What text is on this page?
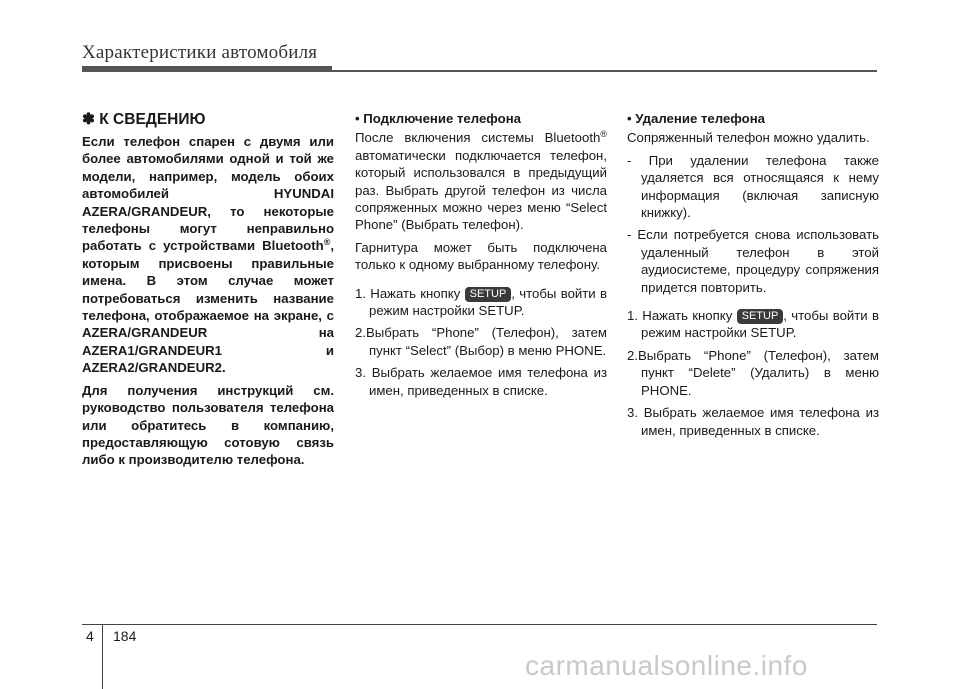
Характеристики автомобиля
✽ К СВЕДЕНИЮ

Если телефон спарен с двумя или более автомобилями одной и той же модели, например, модель обоих автомобилей HYUNDAI AZERA/GRANDEUR, то некоторые телефоны могут неправильно работать с устройствами Bluetooth®, которым присвоены правильные имена. В этом случае может потребоваться изменить название телефона, отображаемое на экране, с AZERA/GRANDEUR на AZERA1/GRANDEUR1 и AZERA2/GRANDEUR2.

Для получения инструкций см. руководство пользователя телефона или обратитесь в компанию, предоставляющую сотовую связь либо к производителю телефона.

• Подключение телефона

После включения системы Bluetooth® автоматически подключается телефон, который использовался в предыдущий раз. Выбрать другой телефон из числа сопряженных можно через меню “Select Phone” (Выбрать телефон).

Гарнитура может быть подключена только к одному выбранному телефону.

1. Нажать кнопку SETUP , чтобы войти в режим настройки SETUP.

2.Выбрать “Phone” (Телефон), затем пункт “Select” (Выбор) в меню PHONE.

3. Выбрать желаемое имя телефона из имен, приведенных в списке.

• Удаление телефона

Сопряженный телефон можно удалить.

- При удалении телефона также удаляется вся относящаяся к нему информация (включая записную книжку).

- Если потребуется снова использовать удаленный телефон в этой аудиосистеме, процедуру сопряжения придется повторить.

1. Нажать кнопку SETUP , чтобы войти в режим настройки SETUP.

2.Выбрать “Phone” (Телефон), затем пункт “Delete” (Удалить) в меню PHONE.

3. Выбрать желаемое имя телефона из имен, приведенных в списке.

4 184
carmanualsonline.info
